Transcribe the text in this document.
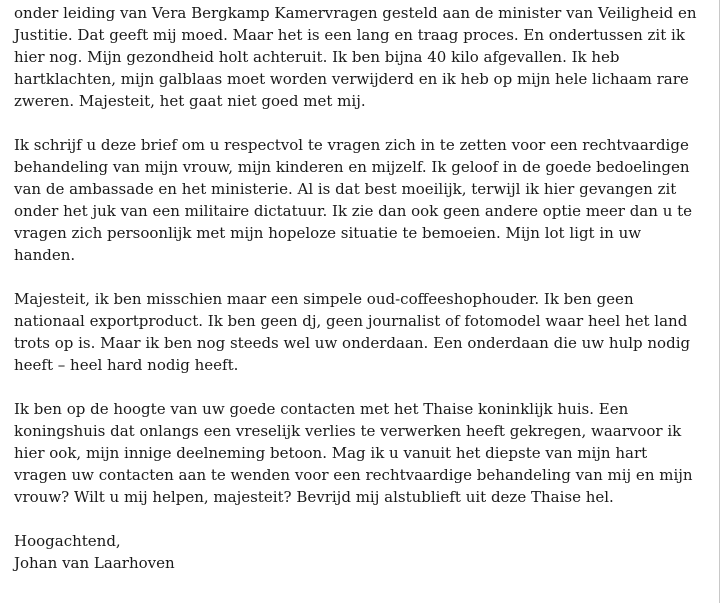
onder leiding van Vera Bergkamp Kamervragen gesteld aan de minister van Veiligheid en
Justitie. Dat geeft mij moed. Maar het is een lang en traag proces. En ondertussen zit ik
hier nog. Mijn gezondheid holt achteruit. Ik ben bijna 40 kilo afgevallen. Ik heb
hartklachten, mijn galblaas moet worden verwijderd en ik heb op mijn hele lichaam rare
zweren. Majesteit, het gaat niet goed met mij.

Ik schrijf u deze brief om u respectvol te vragen zich in te zetten voor een rechtvaardige
behandeling van mijn vrouw, mijn kinderen en mijzelf. Ik geloof in de goede bedoelingen
van de ambassade en het ministerie. Al is dat best moeilijk, terwijl ik hier gevangen zit
onder het juk van een militaire dictatuur. Ik zie dan ook geen andere optie meer dan u te
vragen zich persoonlijk met mijn hopeloze situatie te bemoeien. Mijn lot ligt in uw
handen.

Majesteit, ik ben misschien maar een simpele oud-coffeeshophouder. Ik ben geen
nationaal exportproduct. Ik ben geen dj, geen journalist of fotomodel waar heel het land
trots op is. Maar ik ben nog steeds wel uw onderdaan. Een onderdaan die uw hulp nodig
heeft – heel hard nodig heeft.

Ik ben op de hoogte van uw goede contacten met het Thaise koninklijk huis. Een
koningshuis dat onlangs een vreselijk verlies te verwerken heeft gekregen, waarvoor ik
hier ook, mijn innige deelneming betoon. Mag ik u vanuit het diepste van mijn hart
vragen uw contacten aan te wenden voor een rechtvaardige behandeling van mij en mijn
vrouw? Wilt u mij helpen, majesteit? Bevrijd mij alstublieft uit deze Thaise hel.

Hoogachtend,
Johan van Laarhoven
